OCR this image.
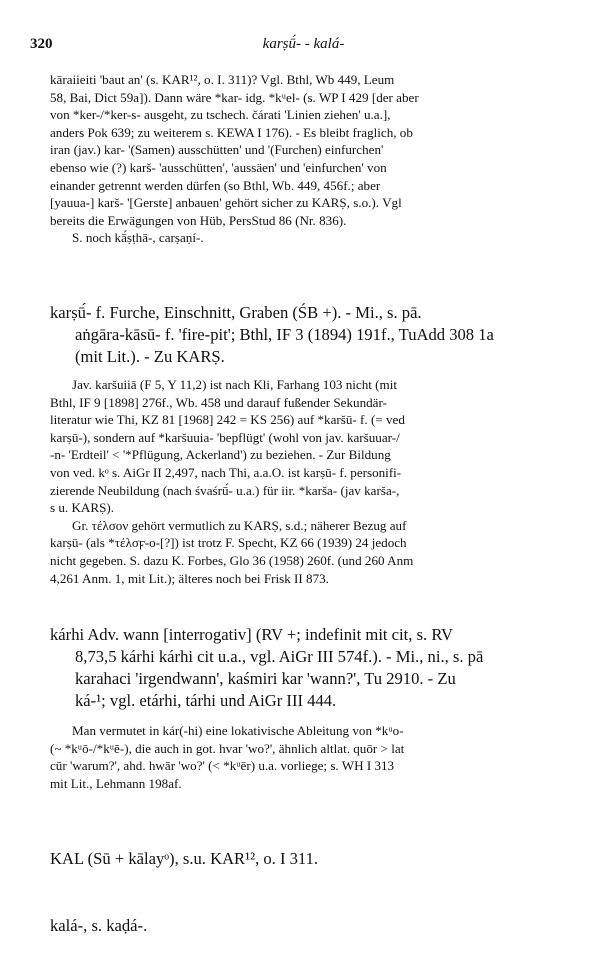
320	karṣū́- - kalá-

kāraiieiti 'baut an' (s. KAR¹², o. I. 311)? Vgl. Bthl, Wb 449, Leum

58, Bai, Dict 59a]). Dann wäre *kar- idg. *kᵘel- (s. WP I 429 [der aber

von *ker-/*ker-s- ausgeht, zu tschech. čárati 'Linien ziehen' u.a.],

anders Pok 639; zu weiterem s. KEWA I 176). - Es bleibt fraglich, ob

iran (jav.) kar- '(Samen) ausschütten' und '(Furchen) einfurchen'

ebenso wie (?) karš- 'ausschütten', 'aussäen' und 'einfurchen' von

einander getrennt werden dürfen (so Bthl, Wb. 449, 456f.; aber

[yauua-] karš- '[Gerste] anbauen' gehört sicher zu KARṢ, s.o.). Vgl

bereits die Erwägungen von Hüb, PersStud 86 (Nr. 836).

S. noch kā́ṣṭhā-, carṣaṇí-.

karṣū́- f. Furche, Einschnitt, Graben (ŚB +). - Mi., s. pā.

aṅgāra-kāsū- f. 'fire-pit'; Bthl, IF 3 (1894) 191f., TuAdd 308 1a

(mit Lit.). - Zu KARṢ.

Jav. karšuiiā (F 5, Y 11,2) ist nach Kli, Farhang 103 nicht (mit

Bthl, IF 9 [1898] 276f., Wb. 458 und darauf fußender Sekundär-

literatur wie Thi, KZ 81 [1968] 242 = KS 256) auf *karšū- f. (= ved

karṣū-), sondern auf *karšuuia- 'bepflügt' (wohl von jav. karšuuar-/

-n- 'Erdteil' < '*Pflügung, Ackerland') zu beziehen. - Zur Bildung

von ved. kᵒ s. AiGr II 2,497, nach Thi, a.a.O. ist karṣū- f. personifi-

zierende Neubildung (nach śvaśrū́- u.a.) für iir. *karša- (jav karša-,

s u. KARṢ).

Gr. τέλσον gehört vermutlich zu KARṢ, s.d.; näherer Bezug auf

karṣū- (als *τέλσϝ-ο-[?]) ist trotz F. Specht, KZ 66 (1939) 24 jedoch

nicht gegeben. S. dazu K. Forbes, Glo 36 (1958) 260f. (und 260 Anm

4,261 Anm. 1, mit Lit.); älteres noch bei Frisk II 873.

kárhi Adv. wann [interrogativ] (RV +; indefinit mit cit, s. RV

8,73,5 kárhi kárhi cit u.a., vgl. AiGr III 574f.). - Mi., ni., s. pā

karahaci 'irgendwann', kaśmiri kar 'wann?', Tu 2910. - Zu

ká-¹; vgl. etárhi, tárhi und AiGr III 444.

Man vermutet in kár(-hi) eine lokativische Ableitung von *kᵘo-

(~ *kᵘō-/*kᵘē-), die auch in got. hvar 'wo?', ähnlich altlat. quōr > lat

cūr 'warum?', ahd. hwār 'wo?' (< *kᵘēr) u.a. vorliege; s. WH I 313

mit Lit., Lehmann 198af.

KAL (Sū + kālayᵒ), s.u. KAR¹², o. I 311.

kalá-, s. kaḍá-.
